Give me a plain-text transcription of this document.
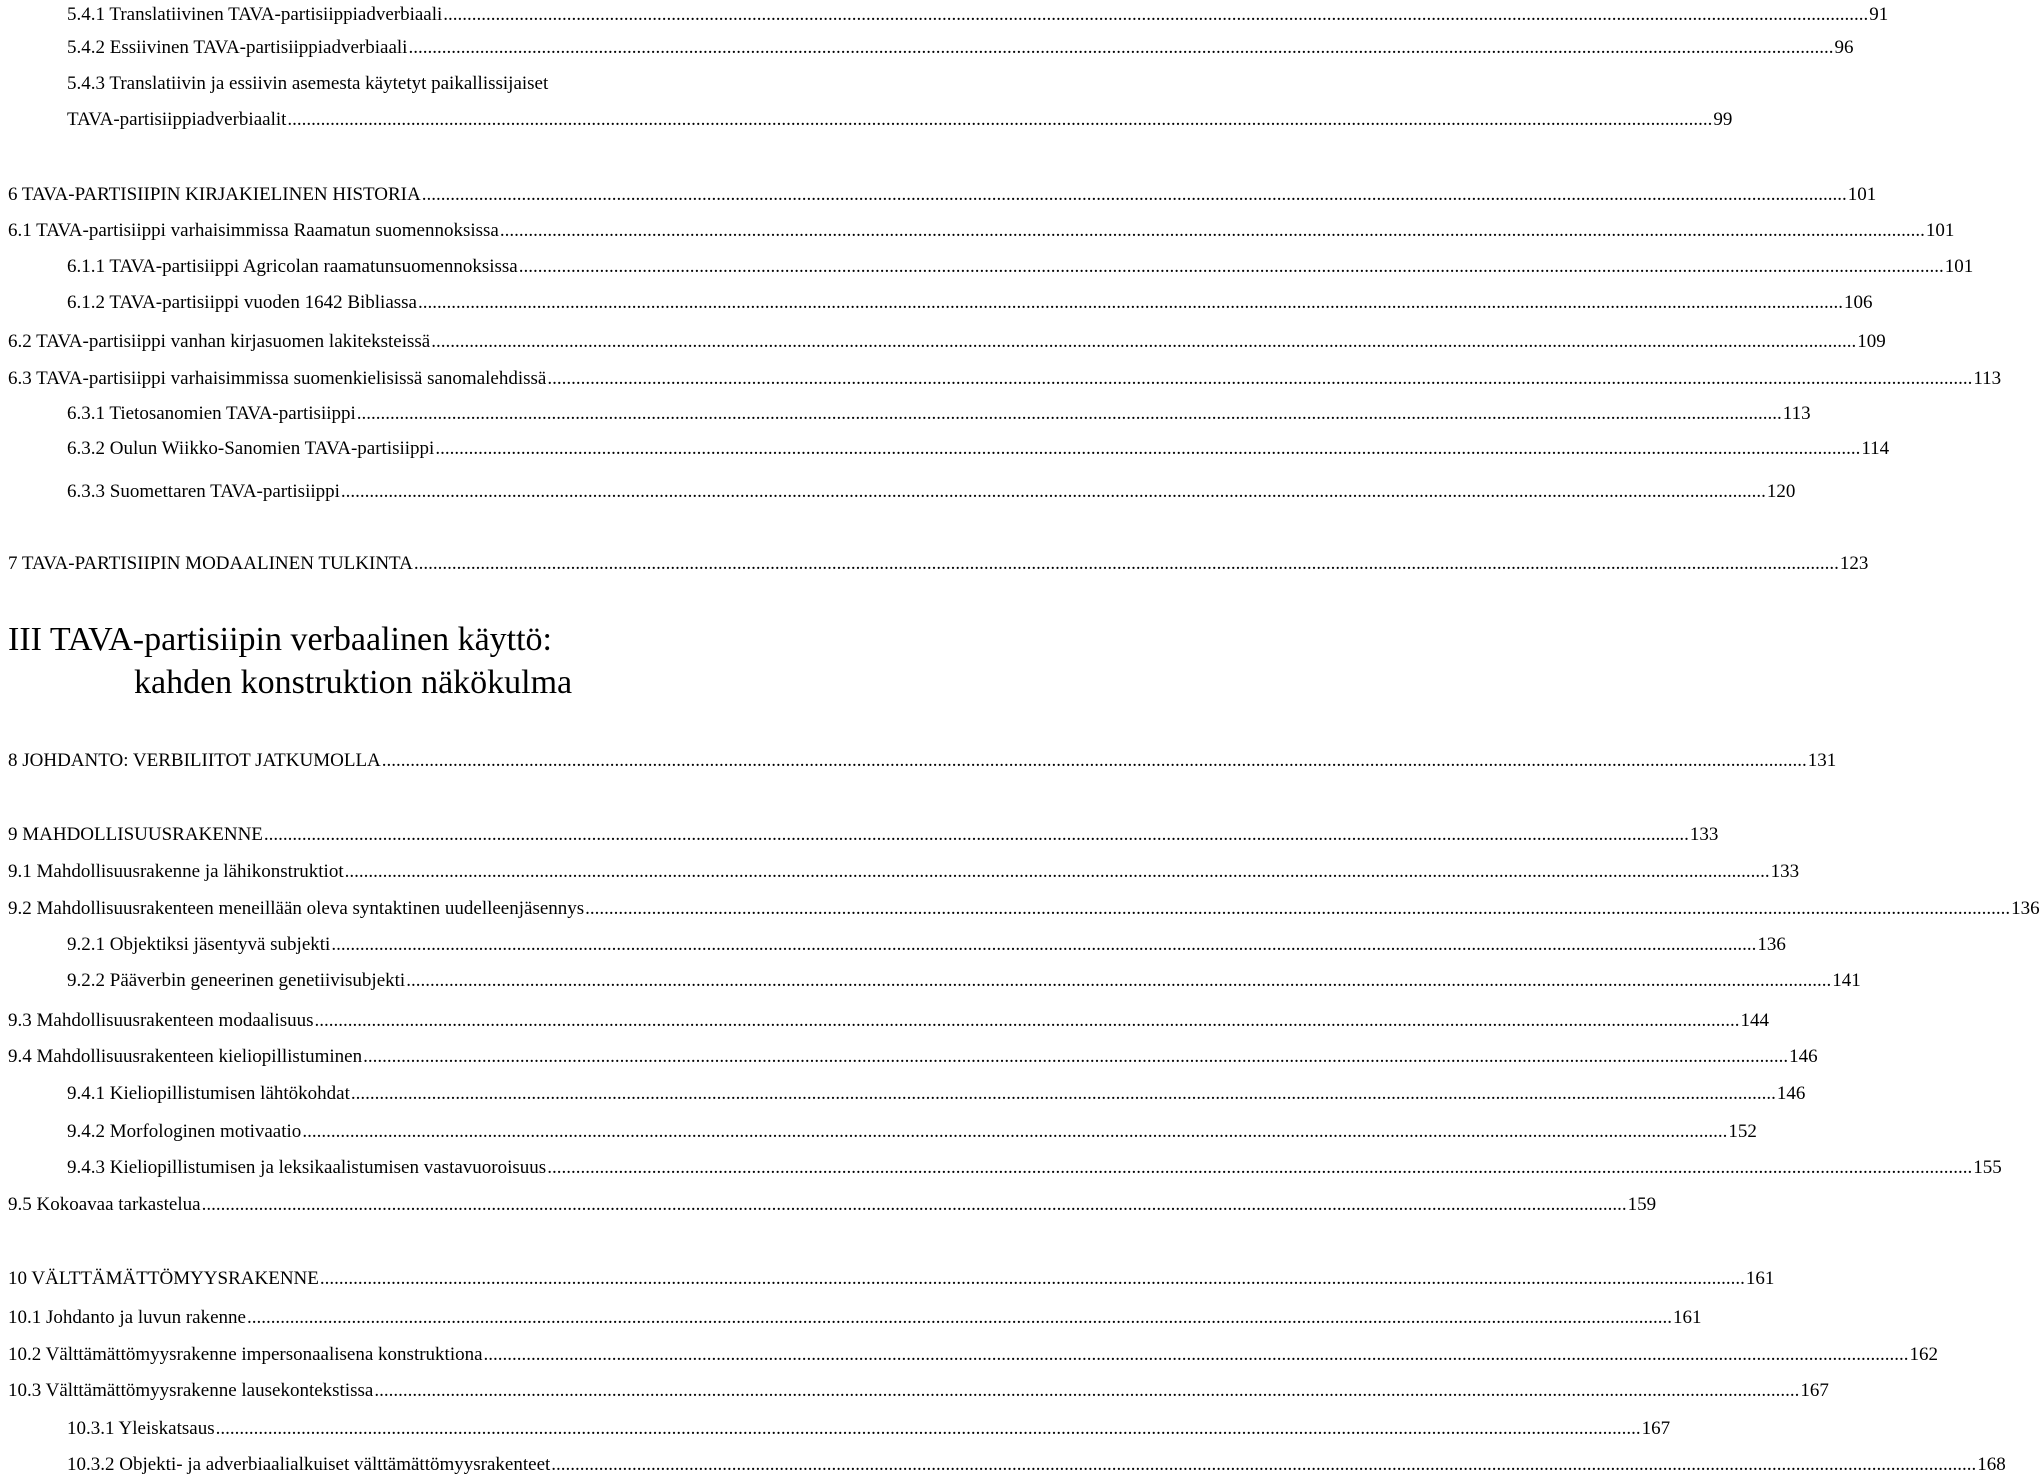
5.4.1 Translatiivinen TAVA-partisiippiadverbiaali .....	91
5.4.2 Essiivinen TAVA-partisiippiadverbiaali .....	96
5.4.3 Translatiivin ja essiivin asemesta käytetyt paikallissijaiset
TAVA-partisiippiadverbiaalit .....	99
6 TAVA-PARTISIIPIN KIRJAKIELINEN HISTORIA .....	101
6.1 TAVA-partisiippi varhaisimmissa Raamatun suomennoksissa .....	101
6.1.1 TAVA-partisiippi Agricolan raamatunsuomennoksissa .....	101
6.1.2 TAVA-partisiippi vuoden 1642 Bibliassa .....	106
6.2 TAVA-partisiippi vanhan kirjasuomen lakiteksteissä .....	109
6.3 TAVA-partisiippi varhaisimmissa suomenkielisissä sanomalehdissä .....	113
6.3.1 Tietosanomien TAVA-partisiippi .....	113
6.3.2 Oulun Wiikko-Sanomien TAVA-partisiippi .....	114
6.3.3 Suomettaren TAVA-partisiippi .....	120
7 TAVA-PARTISIIPIN MODAALINEN TULKINTA .....	123
III TAVA-partisiipin verbaalinen käyttö:
kahden konstruktion näkökulma
8 JOHDANTO: VERBILIITOT JATKUMOLLA .....	131
9 MAHDOLLISUUSRAKENNE .....	133
9.1 Mahdollisuusrakenne ja lähikonstruktiot .....	133
9.2 Mahdollisuusrakenteen meneillään oleva syntaktinen uudelleenjäsennys .....	136
9.2.1 Objektiksi jäsentyvä subjekti .....	136
9.2.2 Pääverbin geneerinen genetiivisubjekti .....	141
9.3 Mahdollisuusrakenteen modaalisuus .....	144
9.4 Mahdollisuusrakenteen kieliopillistuminen .....	146
9.4.1 Kieliopillistumisen lähtökohdat .....	146
9.4.2 Morfologinen motivaatio .....	152
9.4.3 Kieliopillistumisen ja leksikaalistumisen vastavuoroisuus .....	155
9.5 Kokoavaa tarkastelua .....	159
10 VÄLTTÄMÄTTÖMYYSRAKENNE .....	161
10.1 Johdanto ja luvun rakenne .....	161
10.2 Välttämättömyysrakenne impersonaalisena konstruktiona .....	162
10.3 Välttämättömyysrakenne lausekontekstissa .....	167
10.3.1 Yleiskatsaus .....	167
10.3.2 Objekti- ja adverbiaalialkuiset välttämättömyysrakenteet .....	168
